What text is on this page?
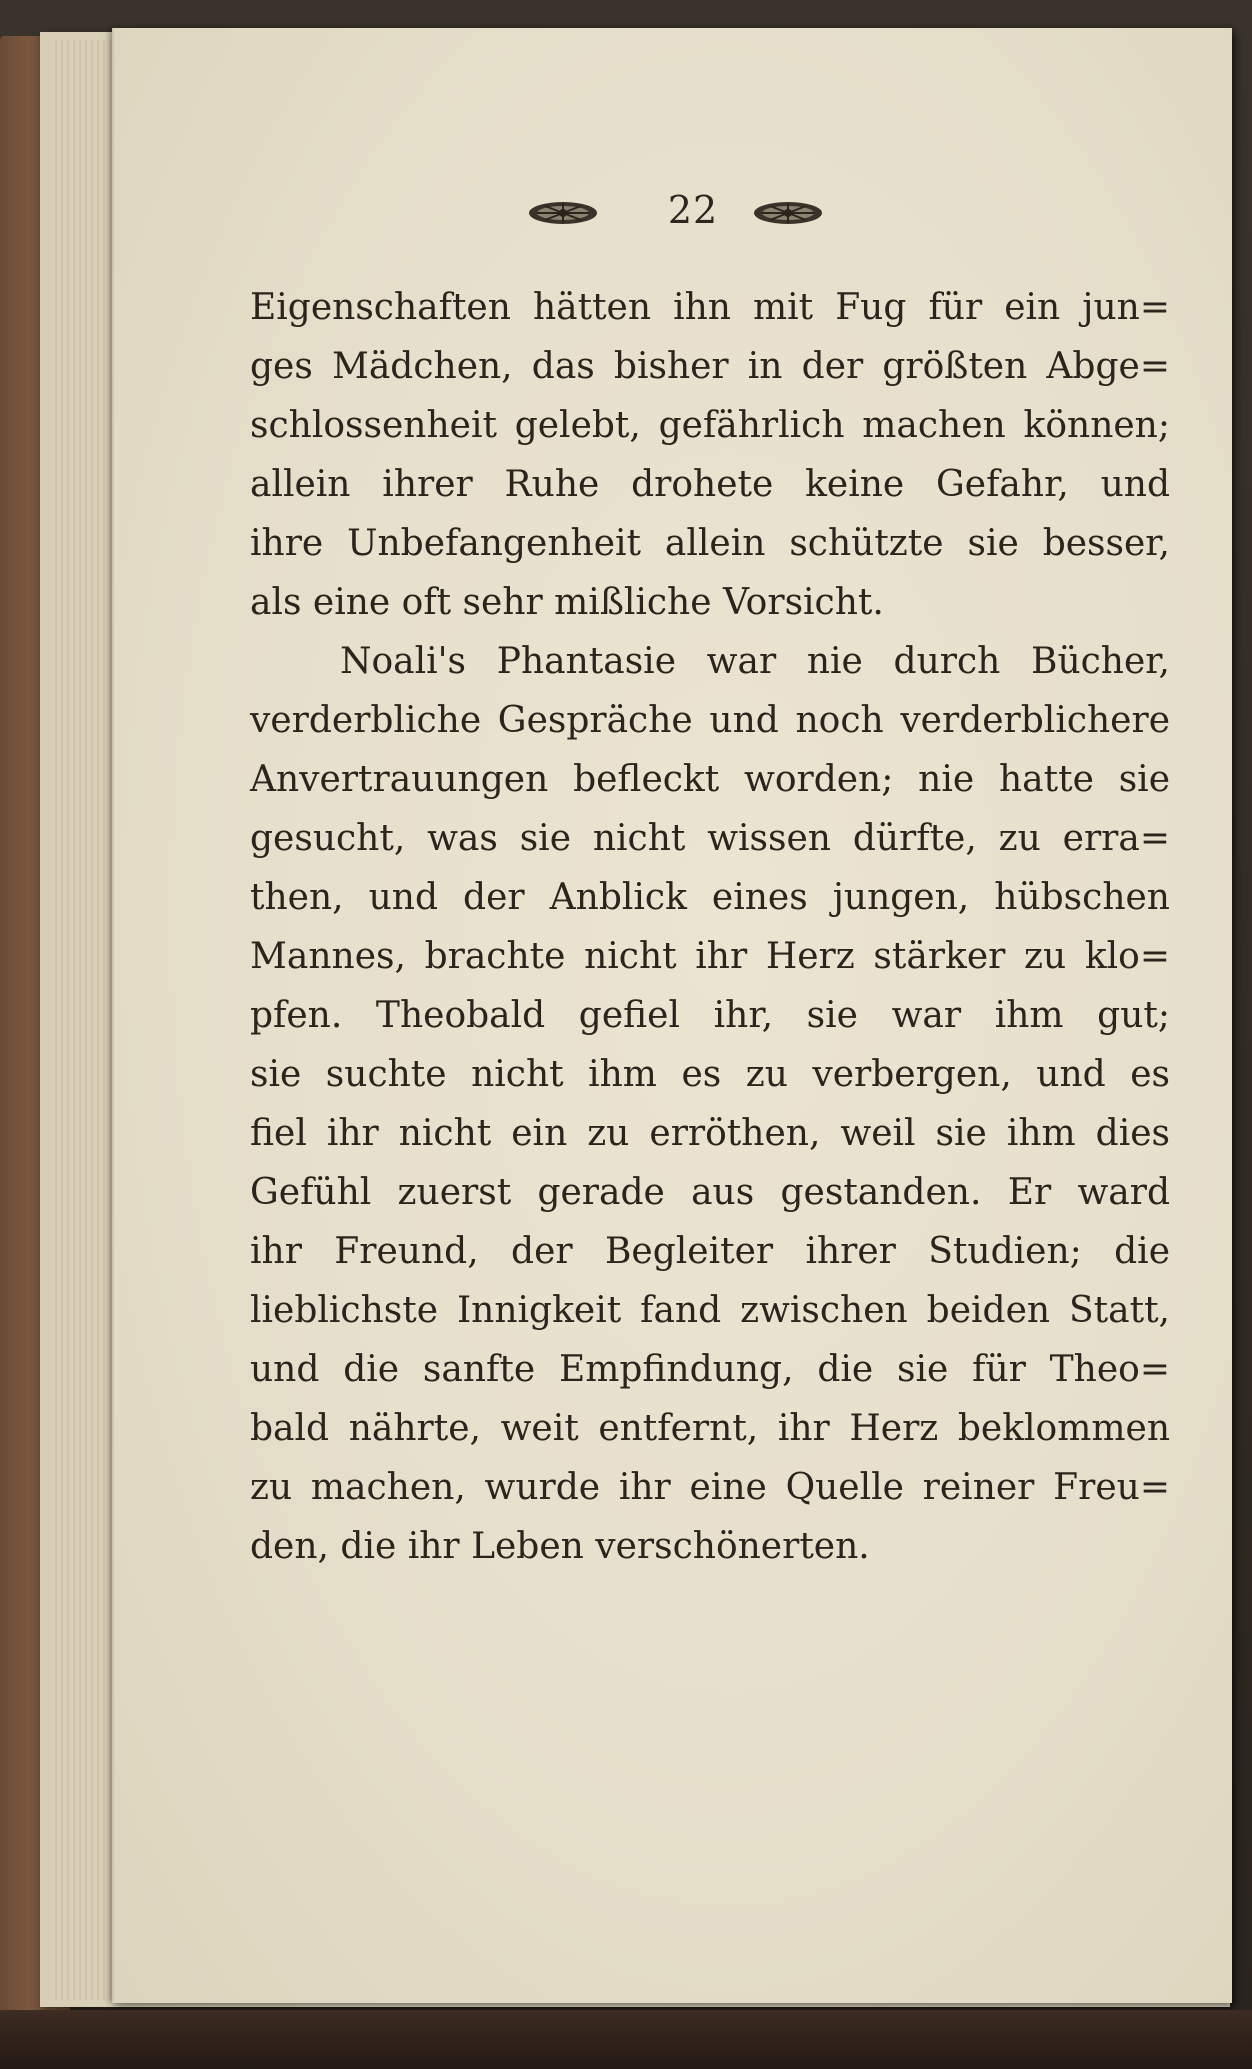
22
Eigenschaften hätten ihn mit Fug für ein jun=
ges Mädchen, das bisher in der größten Abge=
schlossenheit gelebt, gefährlich machen können;
allein ihrer Ruhe drohete keine Gefahr, und
ihre Unbefangenheit allein schützte sie besser,
als eine oft sehr mißliche Vorsicht.
Noali's Phantasie war nie durch Bücher,
verderbliche Gespräche und noch verderblichere
Anvertrauungen befleckt worden; nie hatte sie
gesucht, was sie nicht wissen dürfte, zu erra=
then, und der Anblick eines jungen, hübschen
Mannes, brachte nicht ihr Herz stärker zu klo=
pfen. Theobald gefiel ihr, sie war ihm gut;
sie suchte nicht ihm es zu verbergen, und es
fiel ihr nicht ein zu erröthen, weil sie ihm dies
Gefühl zuerst gerade aus gestanden. Er ward
ihr Freund, der Begleiter ihrer Studien; die
lieblichste Innigkeit fand zwischen beiden Statt,
und die sanfte Empfindung, die sie für Theo=
bald nährte, weit entfernt, ihr Herz beklommen
zu machen, wurde ihr eine Quelle reiner Freu=
den, die ihr Leben verschönerten.
